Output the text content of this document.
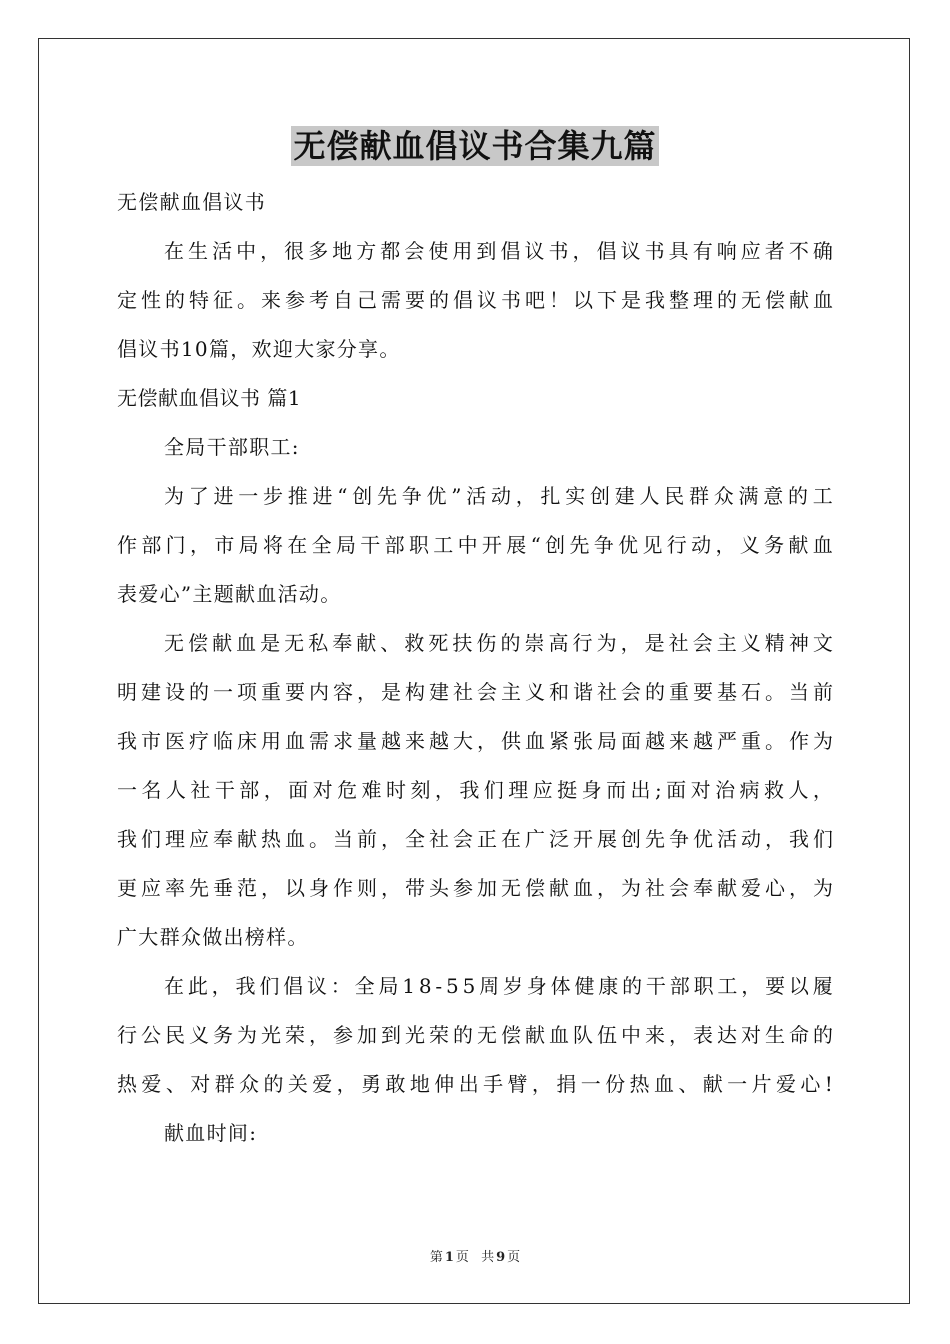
无偿献血倡议书合集九篇
无偿献血倡议书
在 生 活 中 ， 很 多 地 方 都 会 使 用 到 倡 议 书 ， 倡 议 书 具 有 响 应 者 不 确
定 性 的 特 征 。 来 参 考 自 己 需 要 的 倡 议 书 吧 ！ 以 下 是 我 整 理 的 无 偿 献 血
倡议书10篇，欢迎大家分享。
无偿献血倡议书 篇1
全局干部职工:
为 了 进 一 步 推 进 “ 创 先 争 优 ” 活 动 ， 扎 实 创 建 人 民 群 众 满 意 的 工
作 部 门 ， 市 局 将 在 全 局 干 部 职 工 中 开 展 “ 创 先 争 优 见 行 动 ， 义 务 献 血
表爱心”主题献血活动。
无 偿 献 血 是 无 私 奉 献 、 救 死 扶 伤 的 崇 高 行 为 ， 是 社 会 主 义 精 神 文
明 建 设 的 一 项 重 要 内 容 ， 是 构 建 社 会 主 义 和 谐 社 会 的 重 要 基 石 。 当 前
我 市 医 疗 临 床 用 血 需 求 量 越 来 越 大 ， 供 血 紧 张 局 面 越 来 越 严 重 。 作 为
一 名 人 社 干 部 ， 面 对 危 难 时 刻 ， 我 们 理 应 挺 身 而 出 ; 面 对 治 病 救 人 ，
我 们 理 应 奉 献 热 血 。 当 前 ， 全 社 会 正 在 广 泛 开 展 创 先 争 优 活 动 ， 我 们
更 应 率 先 垂 范 ， 以 身 作 则 ， 带 头 参 加 无 偿 献 血 ， 为 社 会 奉 献 爱 心 ， 为
广大群众做出榜样。
在 此 ， 我 们 倡 议 ： 全 局 1 8 - 5 5 周 岁 身 体 健 康 的 干 部 职 工 ， 要 以 履
行 公 民 义 务 为 光 荣 ， 参 加 到 光 荣 的 无 偿 献 血 队 伍 中 来 ， 表 达 对 生 命 的
热 爱 、 对 群 众 的 关 爱 ， 勇 敢 地 伸 出 手 臂 ， 捐 一 份 热 血 、 献 一 片 爱 心 !
献血时间:
第 1 页 共 9 页
